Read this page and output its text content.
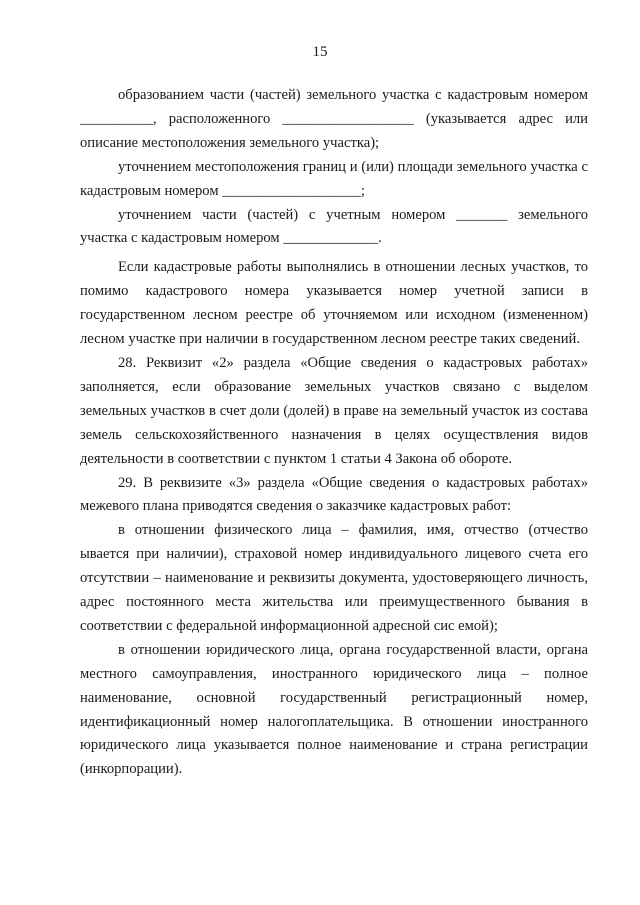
15

образованием части (частей) земельного участка с кадастровым номером __________, расположенного __________________ (указывается адрес или описание местоположения земельного участка);

уточнением местоположения границ и (или) площади земельного участка с кадастровым номером ___________________;

уточнением части (частей) с учетным номером _______ земельного участка с кадастровым номером _____________.

Если кадастровые работы выполнялись в отношении лесных участков, то помимо кадастрового номера указывается номер учетной записи в государственном лесном реестре об уточняемом или исходном (измененном) лесном участке при наличии в государственном лесном реестре таких сведений.

28. Реквизит «2» раздела «Общие сведения о кадастровых работах» заполняется, если образование земельных участков связано с выделом земельных участков в счет доли (долей) в праве на земельный участок из состава земель сельскохозяйственного назначения в целях осуществления видов деятельности в соответствии с пунктом 1 статьи 4 Закона об обороте.

29. В реквизите «3» раздела «Общие сведения о кадастровых работах» межевого плана приводятся сведения о заказчике кадастровых работ:

в отношении физического лица – фамилия, имя, отчество (отчество ывается при наличии), страховой номер индивидуального лицевого счета его отсутствии – наименование и реквизиты документа, удостоверяющего личность, адрес постоянного места жительства или преимущественного бывания в соответствии с федеральной информационной адресной сис емой);

в отношении юридического лица, органа государственной власти, органа местного самоуправления, иностранного юридического лица – полное наименование, основной государственный регистрационный номер, идентификационный номер налогоплательщика. В отношении иностранного юридического лица указывается полное наименование и страна регистрации (инкорпорации).
